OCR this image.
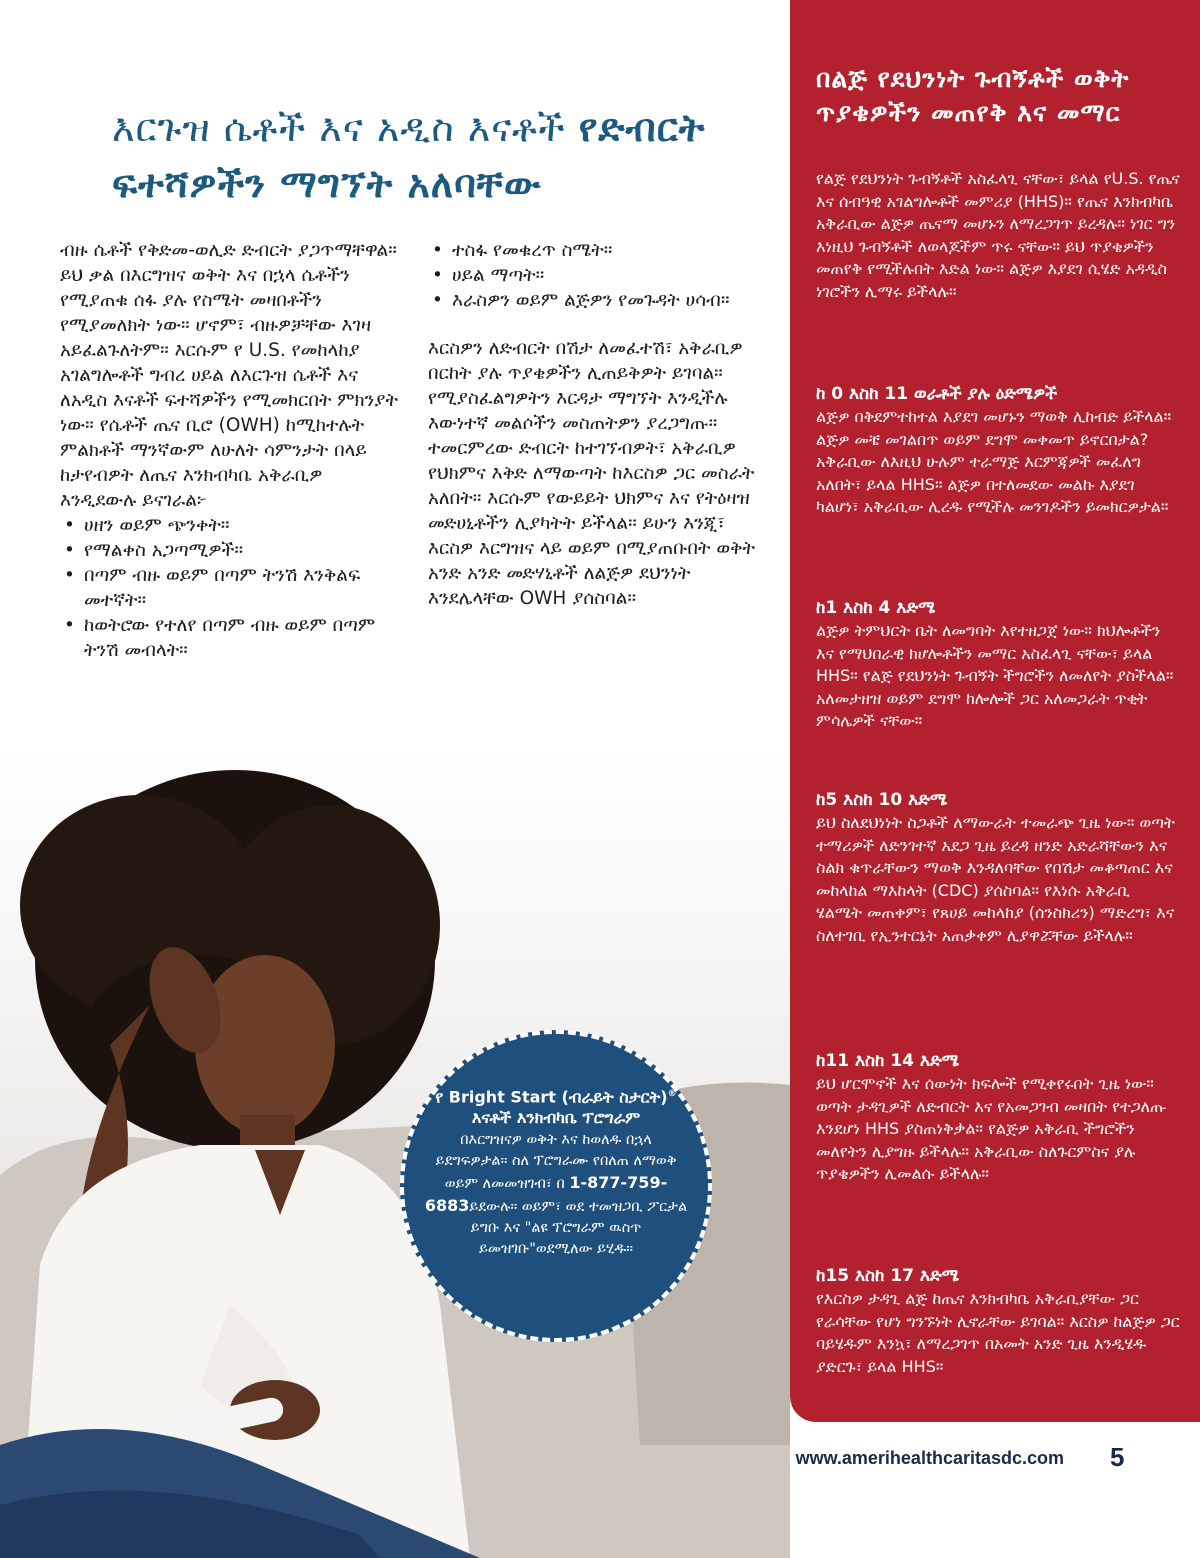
እርጉዝ ሴቶች እና አዲስ እናቶች የድብርት ፍተሻዎችን ማግኘት አለባቸው

ብዙ ሴቶች የቅድመ-ወሊድ ድብርት ያጋጥማቸዋል። ይህ ቃል በእርግዝና ወቅት እና በኋላ ሴቶችን የሚያጠቁ ሰፋ ያሉ የስሜት መዛበቶችን የሚያመለክት ነው። ሆኖም፣ ብዙዎቻቸው እገዛ አይፈልጉለትም። እርሱም የ U.S. የመከላከያ አገልግሎቶች ግብረ ሀይል ለእርጉዝ ሴቶች እና ለአዲስ እናቶች ፍተሻዎችን የሚመክርበት ምክንያት ነው። የሴቶች ጤና ቢሮ (OWH) ከሚከተሉት ምልክቶች ማንኛውም ለሁለት ሳምንታት በላይ ከታየብዎት ለጤና እንክብካቤ አቅራቢዎ እንዲደውሉ ይናገራል፦

• ሀዘን ወይም ጭንቀት።
• የማልቀስ አጋጣሚዎች።
• በጣም ብዙ ወይም በጣም ትንሽ እንቅልፍ መተኛት።
• ከወትሮው የተለየ በጣም ብዙ ወይም በጣም ትንሽ መብላት።
• ተስፋ የመቁረጥ ስሜት።
• ሀይል ማጣት።
• እራስዎን ወይም ልጅዎን የመጉዳት ሀሳብ።

እርስዎን ለድብርት በሽታ ለመፈተሽ፣ አቅራቢዎ በርከት ያሉ ጥያቄዎችን ሊጠይቅዎት ይገባል። የሚያስፈልግዎትን እርዳታ ማግኘት እንዲችሉ እውነተኛ መልሶችን መስጠትዎን ያረጋግጡ። ተመርምረው ድብርት ከተገኘብዎት፣ አቅራቢዎ የህክምና እቅድ ለማውጣት ከእርስዎ ጋር መስራት አለበት። እርሱም የውይይት ህክምና እና የትዕዛዝ መድሀኒቶችን ሊያካትት ይችላል። ይሁን እንጂ፣ እርስዎ እርግዝና ላይ ወይም በሚያጠቡበት ወቅት አንድ አንድ መድሃኒቶች ለልጅዎ ደህንነት እንደሌላቸው OWH ያሰስባል።

በልጅ የደህንነት ጉብኝቶች ወቅት ጥያቄዎችን መጠየቅ እና መማር

የልጅ የደህንነት ጉብኝቶች አስፈላጊ ናቸው፣ ይላል የU.S. የጤና እና ሰብዓዊ አገልግሎቶች መምሪያ (HHS)። የጤና እንክብካቤ አቅራቢው ልጅዎ ጤናማ መሆኑን ለማረጋገጥ ይረዳሉ። ነገር ግን እነዚህ ጉብኝቶች ለወላጆችም ጥሩ ናቸው። ይህ ጥያቄዎችን መጠየቅ የሚችሉበት እድል ነው። ልጅዎ እያደገ ሲሄድ አዳዲስ ነገሮችን ሊማሩ ይችላሉ።

ከ 0 እስከ 11 ወራቶች ያሉ ዕድሜዎች

ልጅዎ በቅደምተከተል እያደገ መሆኑን ማወቅ ሊከብድ ይችላል። ልጅዎ መቼ መገልበጥ ወይም ደግሞ መቀመጥ ይኖርበታል? አቅራቢው ለእዚህ ሁሉም ተራማጅ እርምጃዎች መፈለግ አለበት፣ ይላል HHS። ልጅዎ በተለመደው መልኩ እያደገ ካልሆነ፣ አቅራቢው ሊረዱ የሚችሉ መንገዶችን ይመክርዎታል።

ከ1 እስከ 4 እድሜ

ልጅዎ ትምህርት ቤት ለመግባት እየተዘጋጀ ነው። ክህሎቶችን እና የማህበራዊ ክሆሎቶችን መማር አስፈላጊ ናቸው፣ ይላል HHS። የልጅ የደህንነት ጉብኝት ችግሮችን ለመለየት ያስችላል። አለመታዘዝ ወይም ደግሞ ከሎሎች ጋር አለመጋራት ጥቂት ምሳሌዎች ናቸው።

ከ5 እስከ 10 እድሜ

ይህ ስለደህነነት ስጋቶች ለማውራት ተመራጭ ጊዜ ነው። ወጣት ተማሪዎች ለድንገተኛ አደጋ ጊዜ ይረዳ ዘንድ አድራሻቸውን እና ስልክ ቁጥራቸውን ማወቅ እንዳለባቸው የበሽታ መቆጣጠር እና መከላከል ማእከላት (CDC) ያሰስባል። የእነሱ አቅራቢ ሄልሜት መጠቀም፣ የጸሀይ መከላከያ (ሰንስክሪን) ማድረግ፣ እና ስለተገቢ የኢንተርኔት አጠቃቀም ሊያዋሯቸው ይችላሉ።

ከ11 እስከ 14 እድሜ

ይህ ሆርሞኖች እና ሰውነት ክፍሎች የሚቀየሩበት ጊዜ ነው። ወጣት ታዳጊዎች ለድብርት እና የአመጋገብ መዛበት የተጋለጡ እንደሆነ HHS ያስጠነቅቃል። የልጅዎ አቅራቢ ችግሮችን መለየትን ሊያግዙ ይችላሉ። አቅራቢው ስለጉርምስና ያሉ ጥያቄዎችን ሊመልሱ ይችላሉ።

ከ15 እስከ 17 እድሜ

የእርስዎ ታዳጊ ልጅ ከጤና እንክብካቤ አቅራቢያቸው ጋር የራሳቸው የሆነ ግንኙነት ሊኖራቸው ይገባል። እርስዎ ከልጅዎ ጋር ባይሄዱም እንኳ፣ ለማረጋገጥ በአመት አንድ ጊዜ እንዲሄዱ ያድርጉ፣ ይላል HHS።

የ Bright Start (ብራይት ስታርት)®
እናቶች እንክብካቤ ፕሮግራም
በእርግዝናዎ ወቅት እና ከወለዱ በኋላ ይደግፍዎታል። ስለ ፕሮግራሙ የበለጠ ለማወቅ ወይም ለመመዝገብ፣ በ 1-877-759-6883ይደውሉ። ወይም፣ ወደ ተመዝጋቢ ፖርታል ይግቡ እና "ልዩ ፕሮግራም ዉስጥ ይመዝገቡ"ወደሚለው ይሂዱ።
www.amerihealthcaritasdc.com 5
